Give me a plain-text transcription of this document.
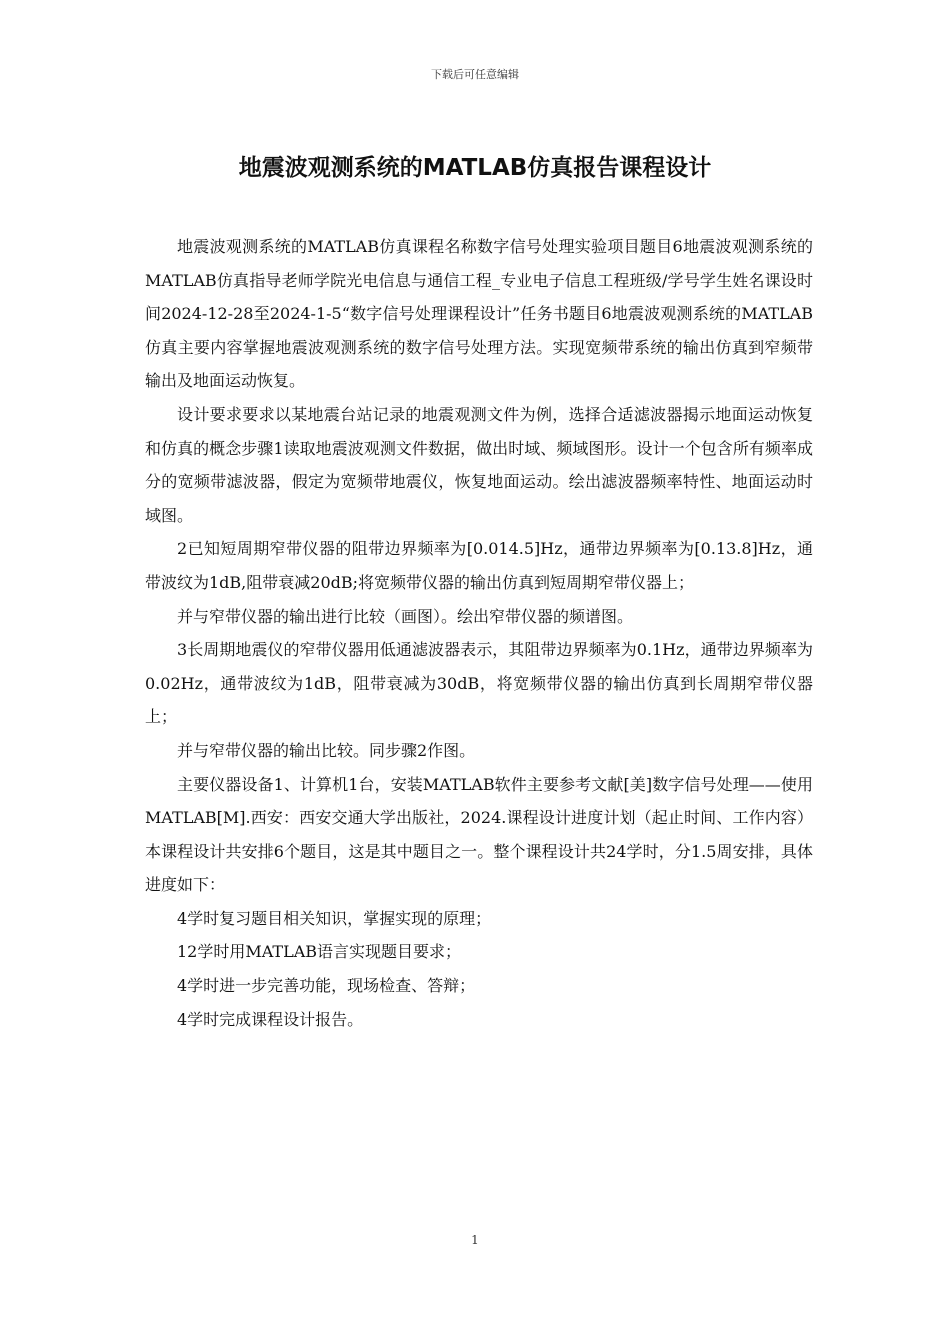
下载后可任意编辑
地震波观测系统的MATLAB仿真报告课程设计

地震波观测系统的MATLAB仿真课程名称数字信号处理实验项目题目6地震波观测系统的MATLAB仿真指导老师学院光电信息与通信工程_专业电子信息工程班级/学号学生姓名课设时间2024-12-28至2024-1-5“数字信号处理课程设计”任务书题目6地震波观测系统的MATLAB仿真主要内容掌握地震波观测系统的数字信号处理方法。实现宽频带系统的输出仿真到窄频带输出及地面运动恢复。

设计要求要求以某地震台站记录的地震观测文件为例，选择合适滤波器揭示地面运动恢复和仿真的概念步骤1读取地震波观测文件数据，做出时域、频域图形。设计一个包含所有频率成分的宽频带滤波器，假定为宽频带地震仪，恢复地面运动。绘出滤波器频率特性、地面运动时域图。

2已知短周期窄带仪器的阻带边界频率为[0.014.5]Hz，通带边界频率为[0.13.8]Hz，通带波纹为1dB,阻带衰减20dB;将宽频带仪器的输出仿真到短周期窄带仪器上；

并与窄带仪器的输出进行比较（画图）。绘出窄带仪器的频谱图。

3长周期地震仪的窄带仪器用低通滤波器表示，其阻带边界频率为0.1Hz，通带边界频率为0.02Hz，通带波纹为1dB，阻带衰减为30dB，将宽频带仪器的输出仿真到长周期窄带仪器上；

并与窄带仪器的输出比较。同步骤2作图。

主要仪器设备1、计算机1台，安装MATLAB软件主要参考文献[美]数字信号处理——使用MATLAB[M].西安：西安交通大学出版社，2024.课程设计进度计划（起止时间、工作内容）本课程设计共安排6个题目，这是其中题目之一。整个课程设计共24学时，分1.5周安排，具体进度如下：

4学时复习题目相关知识，掌握实现的原理；

12学时用MATLAB语言实现题目要求；

4学时进一步完善功能，现场检查、答辩；

4学时完成课程设计报告。

1
